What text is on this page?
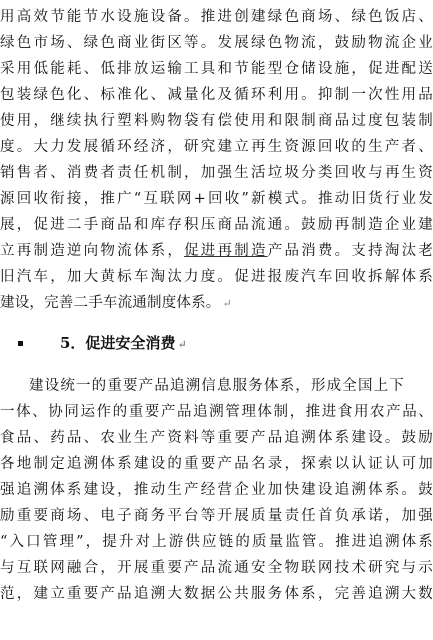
用高效节能节水设施设备。推进创建绿色商场、绿色饭店、
绿色市场、绿色商业街区等。发展绿色物流，鼓励物流企业
采用低能耗、低排放运输工具和节能型仓储设施，促进配送
包装绿色化、标准化、减量化及循环利用。抑制一次性用品
使用，继续执行塑料购物袋有偿使用和限制商品过度包装制
度。大力发展循环经济，研究建立再生资源回收的生产者、
销售者、消费者责任机制，加强生活垃圾分类回收与再生资
源回收衔接，推广“互联网+回收”新模式。推动旧货行业发
展，促进二手商品和库存积压商品流通。鼓励再制造企业建
立再制造逆向物流体系，促进再制造产品消费。支持淘汰老
旧汽车，加大黄标车淘汰力度。促进报废汽车回收拆解体系
建设，完善二手车流通制度体系。 ↵
5．促进安全消费 ↵
建设统一的重要产品追溯信息服务体系，形成全国上下
一体、协同运作的重要产品追溯管理体制，推进食用农产品、
食品、药品、农业生产资料等重要产品追溯体系建设。鼓励
各地制定追溯体系建设的重要产品名录，探索以认证认可加
强追溯体系建设，推动生产经营企业加快建设追溯体系。鼓
励重要商场、电子商务平台等开展质量责任首负承诺，加强
“入口管理”，提升对上游供应链的质量监管。推进追溯体系
与互联网融合，开展重要产品流通安全物联网技术研究与示
范，建立重要产品追溯大数据公共服务体系，完善追溯大数
